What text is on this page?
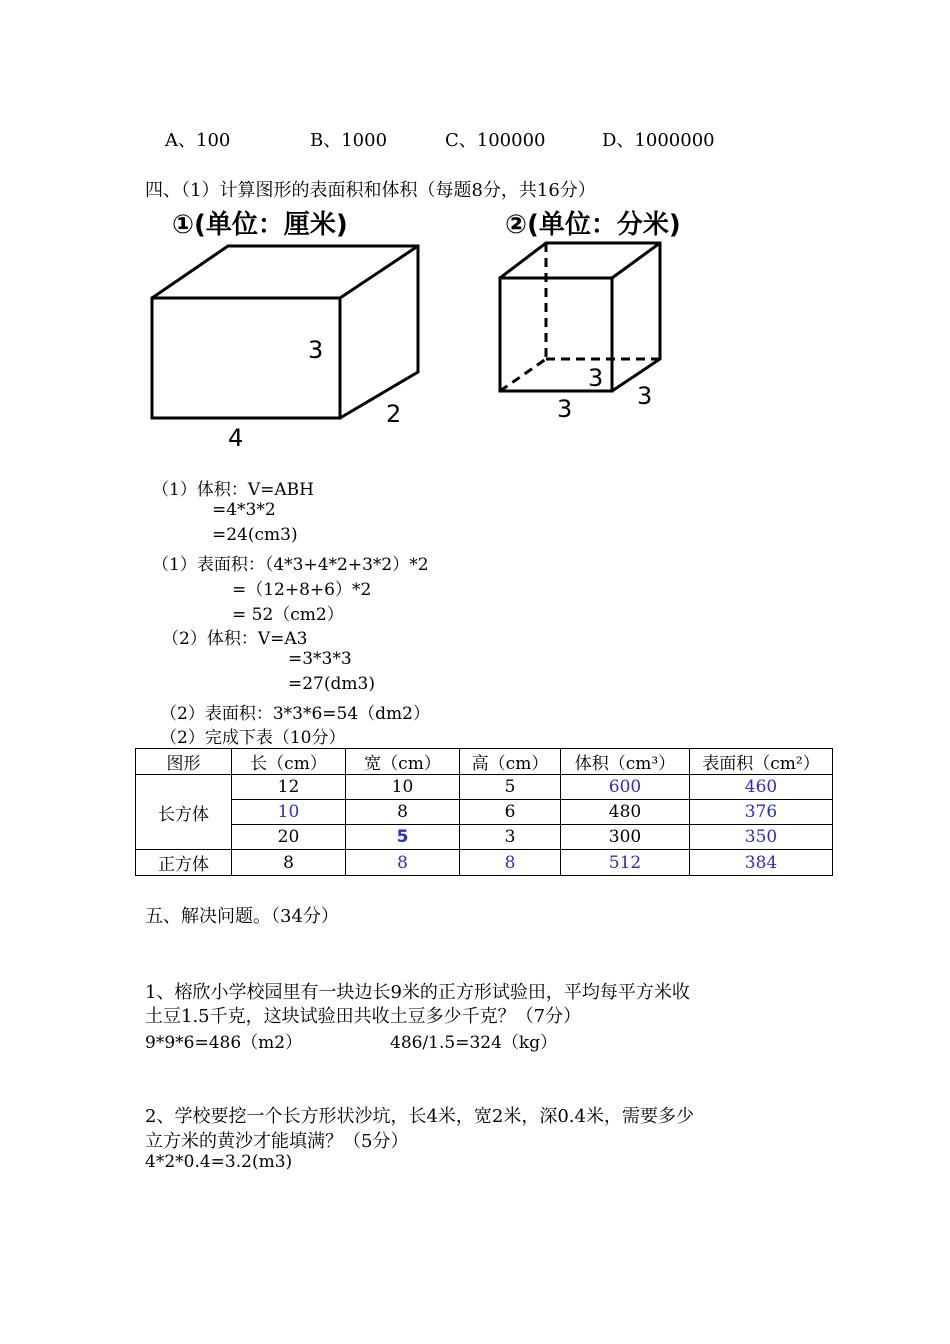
A、100	B、1000	C、100000	D、1000000
四、（1）计算图形的表面积和体积（每题8分，共16分）
①(单位：厘米)	②(单位：分米)
3
2
4
3
3	3
（1）体积：V=ABH
=4*3*2
=24(cm3)
（1）表面积：（4*3+4*2+3*2）*2
=（12+8+6）*2
= 52（cm2）
（2）体积：V=A3
=3*3*3
=27(dm3)
（2）表面积：3*3*6=54（dm2）
（2）完成下表（10分）
图形	长（cm）	宽（cm）	高（cm）	体积（cm³）	表面积（cm²）
长方体	12	10	5	600	460
	10	8	6	480	376
	20	5	3	300	350
正方体	8	8	8	512	384
五、解决问题。（34分）
1、榕欣小学校园里有一块边长9米的正方形试验田，平均每平方米收
土豆1.5千克，这块试验田共收土豆多少千克？（7分）
9*9*6=486（m2）	486/1.5=324（kg）
2、学校要挖一个长方形状沙坑，长4米，宽2米，深0.4米，需要多少
立方米的黄沙才能填满？（5分）
4*2*0.4=3.2(m3)
